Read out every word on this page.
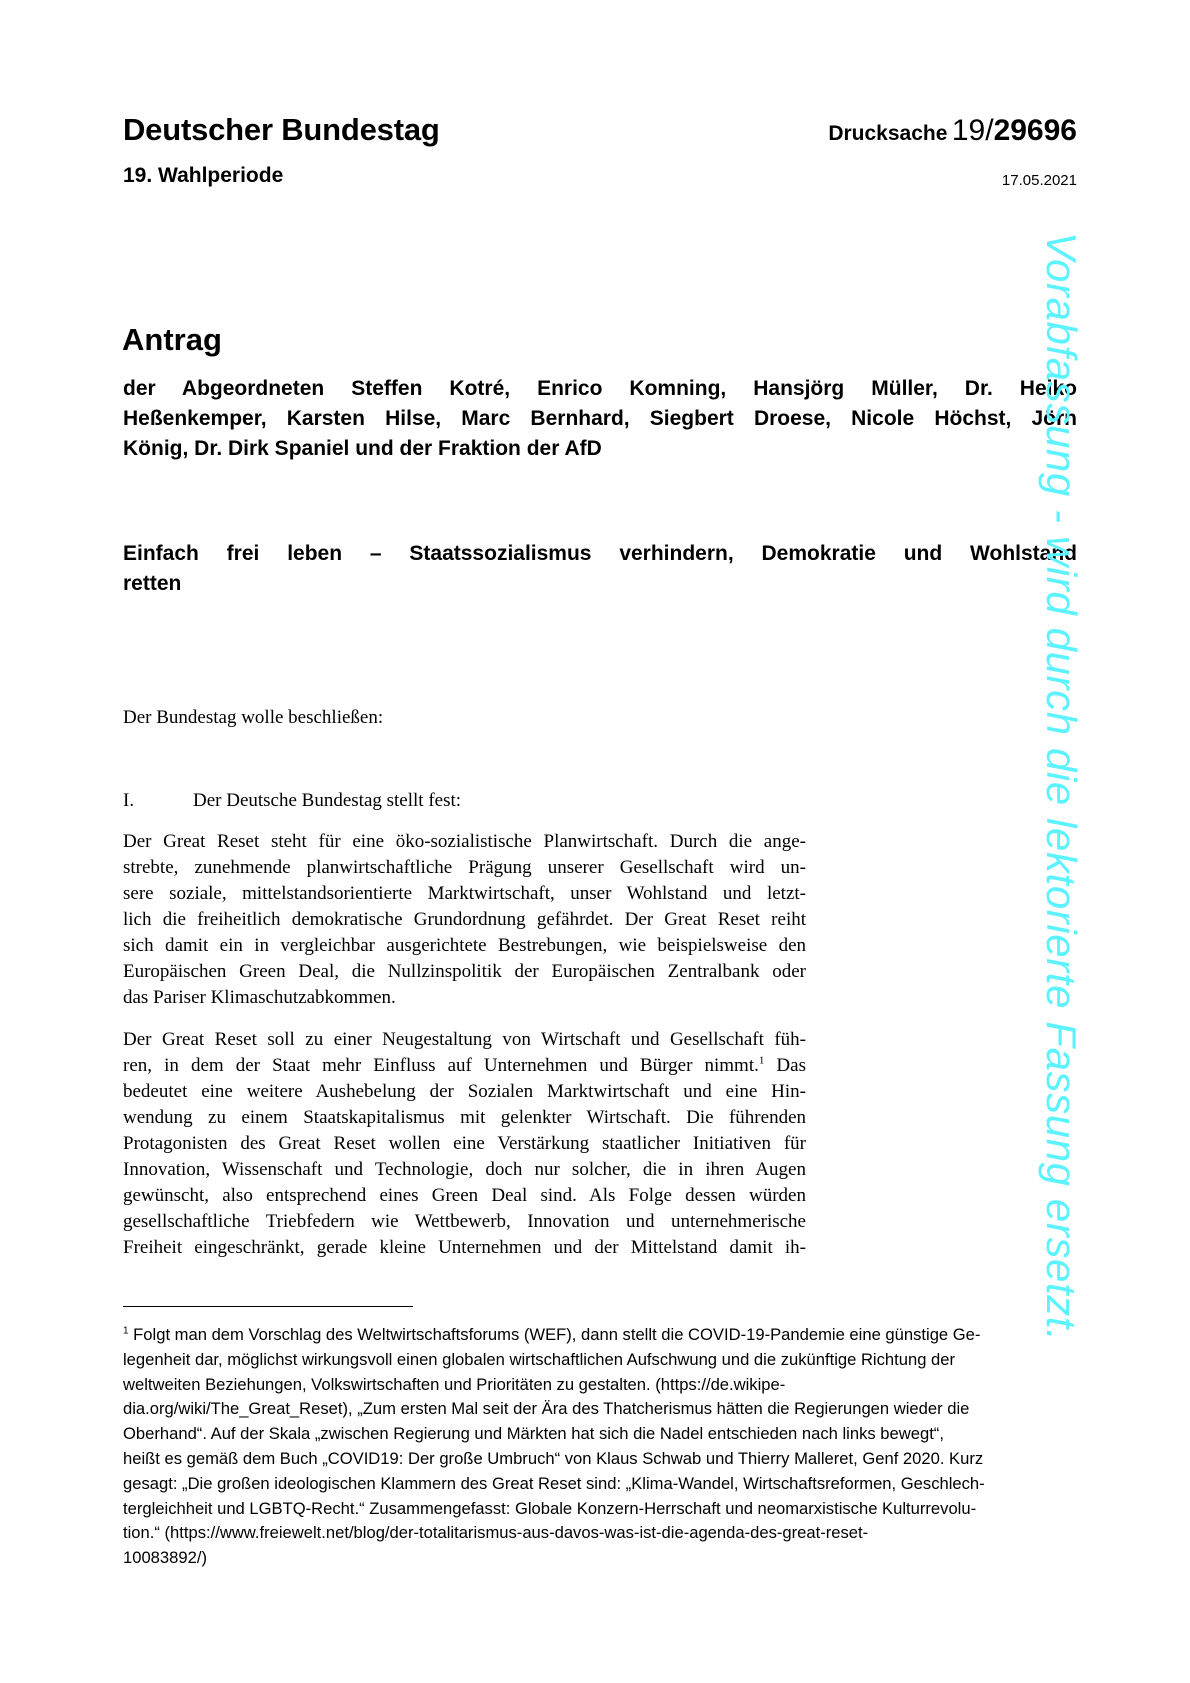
Deutscher Bundestag
19. Wahlperiode
Drucksache 19/29696
17.05.2021
Antrag
der Abgeordneten Steffen Kotré, Enrico Komning, Hansjörg Müller, Dr. Heiko
Heßenkemper, Karsten Hilse, Marc Bernhard, Siegbert Droese, Nicole Höchst, Jörn
König, Dr. Dirk Spaniel und der Fraktion der AfD
Einfach frei leben – Staatssozialismus verhindern, Demokratie und Wohlstand
retten
Der Bundestag wolle beschließen:
I.	Der Deutsche Bundestag stellt fest:
Der Great Reset steht für eine öko-sozialistische Planwirtschaft. Durch die ange-
strebte, zunehmende planwirtschaftliche Prägung unserer Gesellschaft wird un-
sere soziale, mittelstandsorientierte Marktwirtschaft, unser Wohlstand und letzt-
lich die freiheitlich demokratische Grundordnung gefährdet. Der Great Reset reiht
sich damit ein in vergleichbar ausgerichtete Bestrebungen, wie beispielsweise den
Europäischen Green Deal, die Nullzinspolitik der Europäischen Zentralbank oder
das Pariser Klimaschutzabkommen.
Der Great Reset soll zu einer Neugestaltung von Wirtschaft und Gesellschaft füh-
ren, in dem der Staat mehr Einfluss auf Unternehmen und Bürger nimmt.$^1$ Das
bedeutet eine weitere Aushebelung der Sozialen Marktwirtschaft und eine Hin-
wendung zu einem Staatskapitalismus mit gelenkter Wirtschaft. Die führenden
Protagonisten des Great Reset wollen eine Verstärkung staatlicher Initiativen für
Innovation, Wissenschaft und Technologie, doch nur solcher, die in ihren Augen
gewünscht, also entsprechend eines Green Deal sind. Als Folge dessen würden
gesellschaftliche Triebfedern wie Wettbewerb, Innovation und unternehmerische
Freiheit eingeschränkt, gerade kleine Unternehmen und der Mittelstand damit ih-
$^1$ Folgt man dem Vorschlag des Weltwirtschaftsforums (WEF), dann stellt die COVID-19-Pandemie eine günstige Ge-
legenheit dar, möglichst wirkungsvoll einen globalen wirtschaftlichen Aufschwung und die zukünftige Richtung der
weltweiten Beziehungen, Volkswirtschaften und Prioritäten zu gestalten. (https://de.wikipe-
dia.org/wiki/The_Great_Reset), „Zum ersten Mal seit der Ära des Thatcherismus hätten die Regierungen wieder die
Oberhand“. Auf der Skala „zwischen Regierung und Märkten hat sich die Nadel entschieden nach links bewegt“,
heißt es gemäß dem Buch „COVID19: Der große Umbruch“ von Klaus Schwab und Thierry Malleret, Genf 2020. Kurz
gesagt: „Die großen ideologischen Klammern des Great Reset sind: „Klima-Wandel, Wirtschaftsreformen, Geschlech-
tergleichheit und LGBTQ-Recht.“ Zusammengefasst: Globale Konzern-Herrschaft und neomarxistische Kulturrevolu-
tion.“ (https://www.freiewelt.net/blog/der-totalitarismus-aus-davos-was-ist-die-agenda-des-great-reset-
10083892/)
Vorabfassung - wird durch die lektorierte Fassung ersetzt.
